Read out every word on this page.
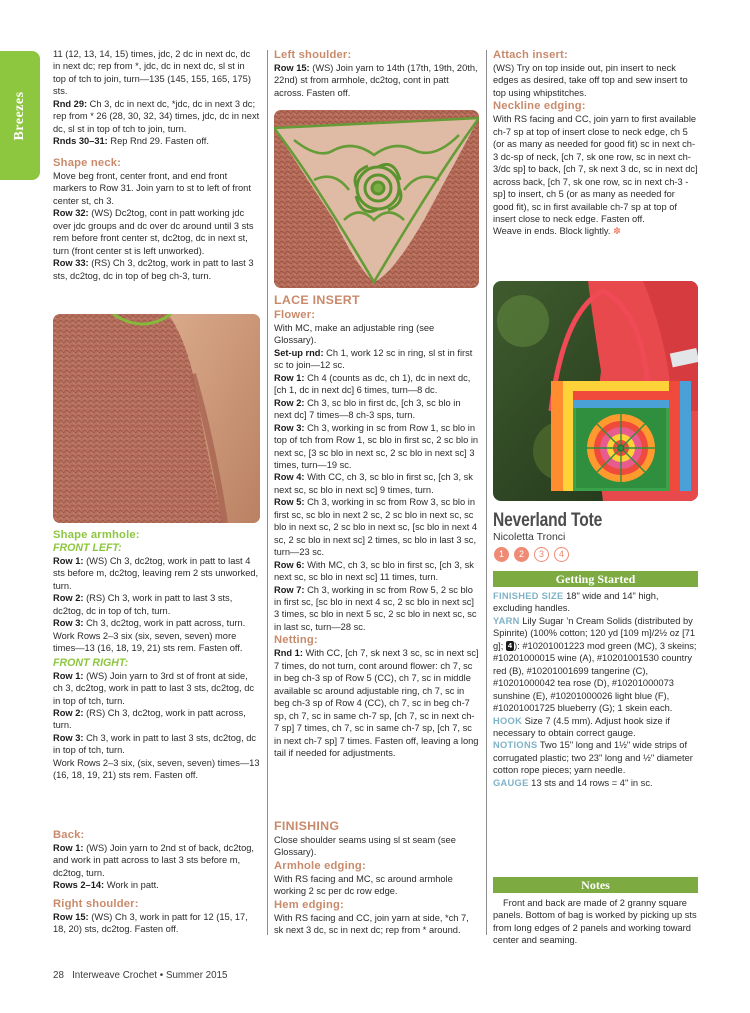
Breezes

11 (12, 13, 14, 15) times, jdc, 2 dc in next dc, dc in next dc; rep from *, jdc, dc in next dc, sl st in top of tch to join, turn—135 (145, 155, 165, 175) sts.

Rnd 29: Ch 3, dc in next dc, *jdc, dc in next 3 dc; rep from * 26 (28, 30, 32, 34) times, jdc, dc in next dc, sl st in top of tch to join, turn.

Rnds 30–31: Rep Rnd 29. Fasten off.

Shape neck:

Move beg front, center front, and end front markers to Row 31. Join yarn to st to left of front center st, ch 3.

Row 32: (WS) Dc2tog, cont in patt working jdc over jdc groups and dc over dc around until 3 sts rem before front center st, dc2tog, dc in next st, turn (front center st is left unworked).

Row 33: (RS) Ch 3, dc2tog, work in patt to last 3 sts, dc2tog, dc in top of beg ch-3, turn.

Shape armhole:

FRONT LEFT:

Row 1: (WS) Ch 3, dc2tog, work in patt to last 4 sts before m, dc2tog, leaving rem 2 sts unworked, turn.

Row 2: (RS) Ch 3, work in patt to last 3 sts, dc2tog, dc in top of tch, turn.

Row 3: Ch 3, dc2tog, work in patt across, turn.

Work Rows 2–3 six (six, seven, seven) more times—13 (16, 18, 19, 21) sts rem. Fasten off.

FRONT RIGHT:

Row 1: (WS) Join yarn to 3rd st of front at side, ch 3, dc2tog, work in patt to last 3 sts, dc2tog, dc in top of tch, turn.

Row 2: (RS) Ch 3, dc2tog, work in patt across, turn.

Row 3: Ch 3, work in patt to last 3 sts, dc2tog, dc in top of tch, turn.

Work Rows 2–3 six, (six, seven, seven) times—13 (16, 18, 19, 21) sts rem. Fasten off.

Back:

Row 1: (WS) Join yarn to 2nd st of back, dc2tog, and work in patt across to last 3 sts before m, dc2tog, turn.

Rows 2–14: Work in patt.

Right shoulder:

Row 15: (WS) Ch 3, work in patt for 12 (15, 17, 18, 20) sts, dc2tog. Fasten off.

Left shoulder:

Row 15: (WS) Join yarn to 14th (17th, 19th, 20th, 22nd) st from armhole, dc2tog, cont in patt across. Fasten off.

LACE INSERT

Flower:

With MC, make an adjustable ring (see Glossary).

Set-up rnd: Ch 1, work 12 sc in ring, sl st in first sc to join—12 sc.

Row 1: Ch 4 (counts as dc, ch 1), dc in next dc, [ch 1, dc in next dc] 6 times, turn—8 dc.

Row 2: Ch 3, sc blo in first dc, [ch 3, sc blo in next dc] 7 times—8 ch-3 sps, turn.

Row 3: Ch 3, working in sc from Row 1, sc blo in top of tch from Row 1, sc blo in first sc, 2 sc blo in next sc, [3 sc blo in next sc, 2 sc blo in next sc] 3 times, turn—19 sc.

Row 4: With CC, ch 3, sc blo in first sc, [ch 3, sk next sc, sc blo in next sc] 9 times, turn.

Row 5: Ch 3, working in sc from Row 3, sc blo in first sc, sc blo in next 2 sc, 2 sc blo in next sc, sc blo in next sc, 2 sc blo in next sc, [sc blo in next 4 sc, 2 sc blo in next sc] 2 times, sc blo in last 3 sc, turn—23 sc.

Row 6: With MC, ch 3, sc blo in first sc, [ch 3, sk next sc, sc blo in next sc] 11 times, turn.

Row 7: Ch 3, working in sc from Row 5, 2 sc blo in first sc, [sc blo in next 4 sc, 2 sc blo in next sc] 3 times, sc blo in next 5 sc, 2 sc blo in next sc, sc in last sc, turn—28 sc.

Netting:

Rnd 1: With CC, [ch 7, sk next 3 sc, sc in next sc] 7 times, do not turn, cont around flower: ch 7, sc in beg ch-3 sp of Row 5 (CC), ch 7, sc in middle available sc around adjustable ring, ch 7, sc in beg ch-3 sp of Row 4 (CC), ch 7, sc in beg ch-7 sp, ch 7, sc in same ch-7 sp, [ch 7, sc in next ch-7 sp] 7 times, ch 7, sc in same ch-7 sp, [ch 7, sc in next ch-7 sp] 7 times. Fasten off, leaving a long tail if needed for adjustments.

FINISHING

Close shoulder seams using sl st seam (see Glossary).

Armhole edging:

With RS facing and MC, sc around armhole working 2 sc per dc row edge.

Hem edging:

With RS facing and CC, join yarn at side, *ch 7, sk next 3 dc, sc in next dc; rep from * around.

Attach insert:

(WS) Try on top inside out, pin insert to neck edges as desired, take off top and sew insert to top using whipstitches.

Neckline edging:

With RS facing and CC, join yarn to first available ch-7 sp at top of insert close to neck edge, ch 5 (or as many as needed for good fit) sc in next ch-3 dc-sp of neck, [ch 7, sk one row, sc in next ch-3/dc sp] to back, [ch 7, sk next 3 dc, sc in next dc] across back, [ch 7, sk one row, sc in next ch-3 -sp] to insert, ch 5 (or as many as needed for good fit), sc in first available ch-7 sp at top of insert close to neck edge. Fasten off.

Weave in ends. Block lightly. ✽

Neverland Tote
Nicoletta Tronci
1	2	3	4
Getting Started

FINISHED SIZE 18" wide and 14" high, excluding handles.

YARN Lily Sugar ’n Cream Solids (distributed by Spinrite) (100% cotton; 120 yd [109 m]/2½ oz [71 g]; 4 ): #10201001223 mod green (MC), 3 skeins; #10201000015 wine (A), #10201001530 country red (B), #10201001699 tangerine (C), #10201000042 tea rose (D), #10201000073 sunshine (E), #10201000026 light blue (F), #10201001725 blueberry (G); 1 skein each.

HOOK Size 7 (4.5 mm). Adjust hook size if necessary to obtain correct gauge.

NOTIONS Two 15" long and 1½" wide strips of corrugated plastic; two 23" long and ½" diameter cotton rope pieces; yarn needle.

GAUGE 13 sts and 14 rows = 4" in sc.

Notes

Front and back are made of 2 granny square panels. Bottom of bag is worked by picking up sts from long edges of 2 panels and working toward center and seaming.

28 Interweave Crochet • Summer 2015
